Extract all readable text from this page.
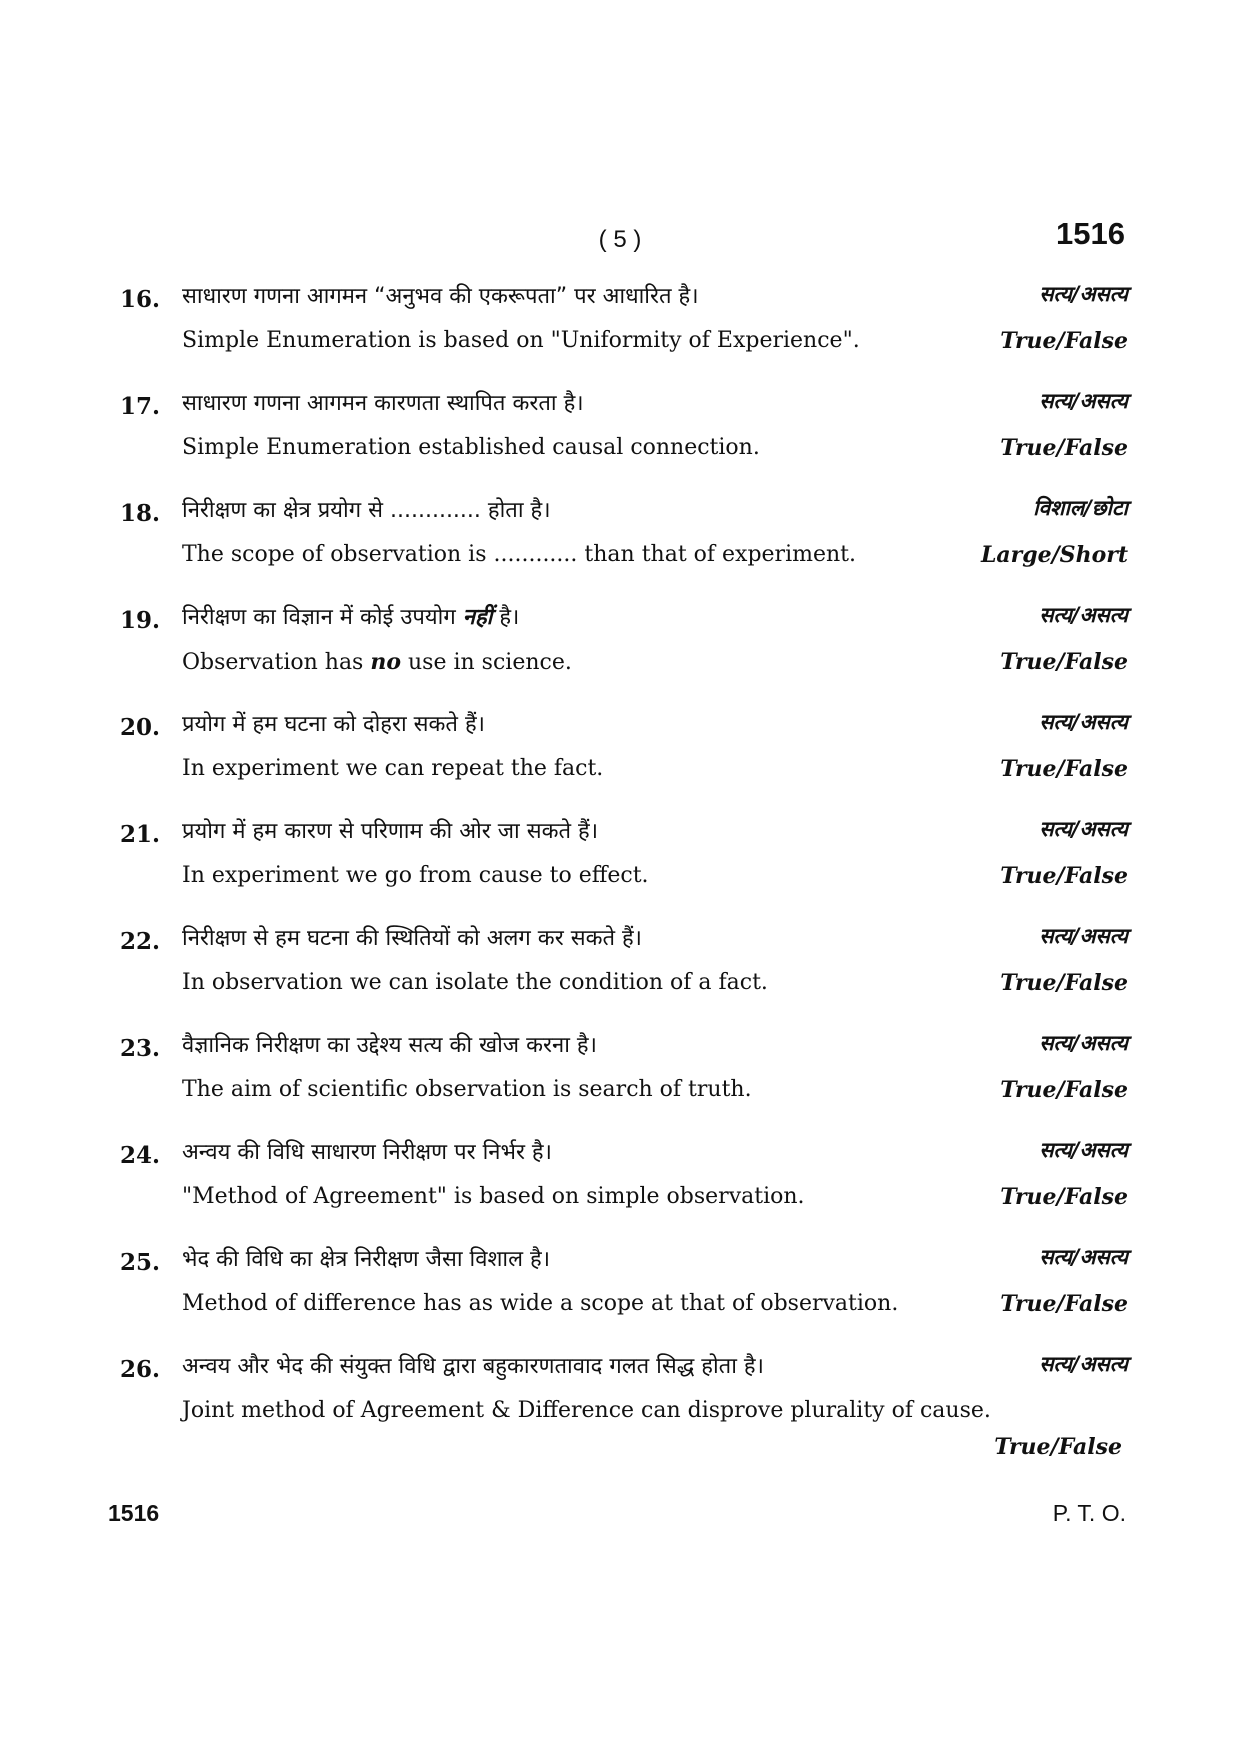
( 5 )	1516
16. साधारण गणना आगमन “अनुभव की एकरूपता” पर आधारित है।
Simple Enumeration is based on "Uniformity of Experience".
सत्य/असत्य
True/False
17. साधारण गणना आगमन कारणता स्थापित करता है।
Simple Enumeration established causal connection.
सत्य/असत्य
True/False
18. निरीक्षण का क्षेत्र प्रयोग से ............. होता है।
The scope of observation is ............ than that of experiment.
विशाल/छोटा
Large/Short
19. निरीक्षण का विज्ञान में कोई उपयोग नहीं है।
Observation has no use in science.
सत्य/असत्य
True/False
20. प्रयोग में हम घटना को दोहरा सकते हैं।
In experiment we can repeat the fact.
सत्य/असत्य
True/False
21. प्रयोग में हम कारण से परिणाम की ओर जा सकते हैं।
In experiment we go from cause to effect.
सत्य/असत्य
True/False
22. निरीक्षण से हम घटना की स्थितियों को अलग कर सकते हैं।
In observation we can isolate the condition of a fact.
सत्य/असत्य
True/False
23. वैज्ञानिक निरीक्षण का उद्देश्य सत्य की खोज करना है।
The aim of scientific observation is search of truth.
सत्य/असत्य
True/False
24. अन्वय की विधि साधारण निरीक्षण पर निर्भर है।
"Method of Agreement" is based on simple observation.
सत्य/असत्य
True/False
25. भेद की विधि का क्षेत्र निरीक्षण जैसा विशाल है।
Method of difference has as wide a scope at that of observation.
सत्य/असत्य
True/False
26. अन्वय और भेद की संयुक्त विधि द्वारा बहुकारणतावाद गलत सिद्ध होता है।
Joint method of Agreement & Difference can disprove plurality of cause.
सत्य/असत्य
True/False
1516	P. T. O.
